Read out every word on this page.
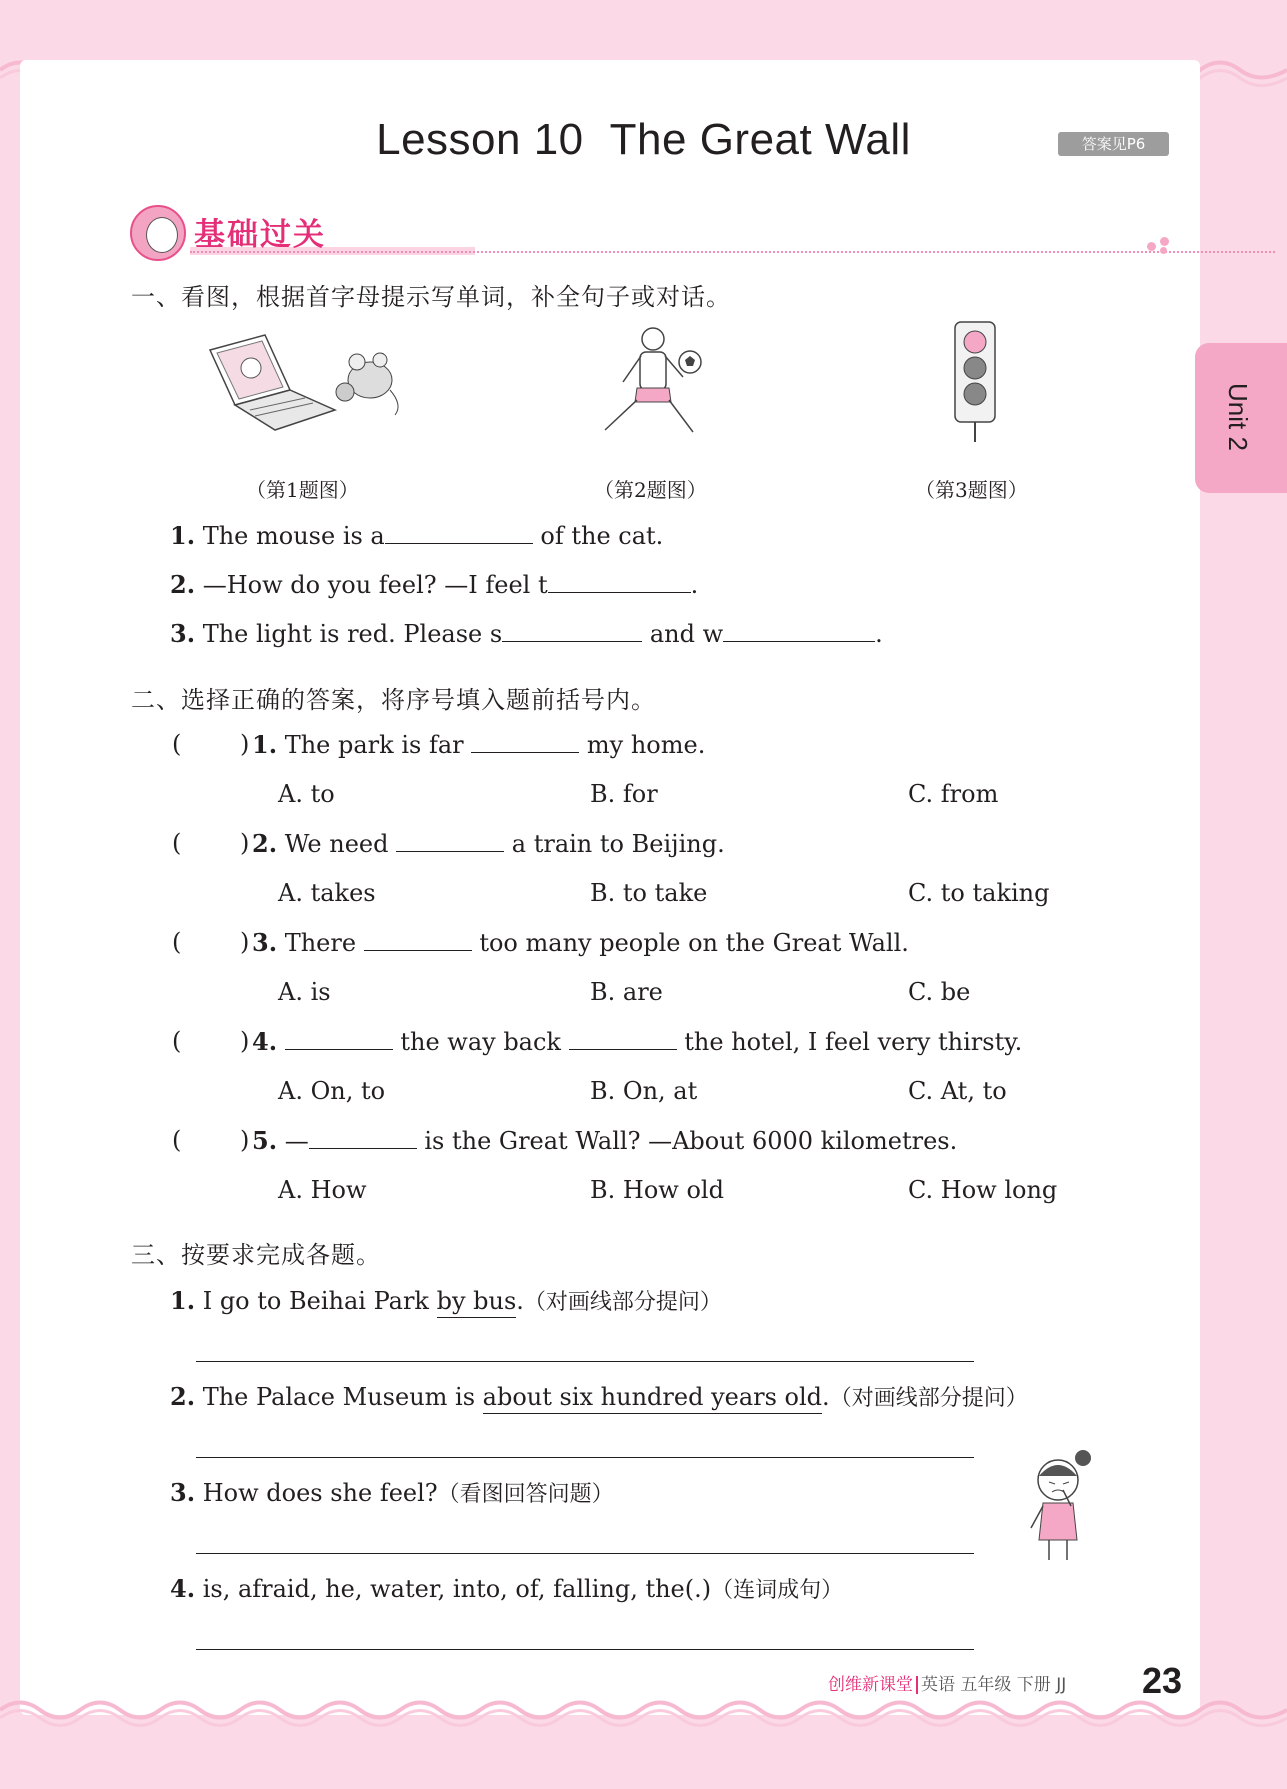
Lesson 10 The Great Wall	答案见P6
基础过关
Unit 2
一、看图，根据首字母提示写单词，补全句子或对话。
（第1题图）	（第2题图）	（第3题图）
1. The mouse is a	of the cat.
2. —How do you feel? —I feel t	.
3. The light is red. Please s	and w	.
二、选择正确的答案，将序号填入题前括号内。
( ) 1. The park is far	my home.
A. to	B. for	C. from
( ) 2. We need	a train to Beijing.
A. takes	B. to take	C. to taking
( ) 3. There	too many people on the Great Wall.
A. is	B. are	C. be
( ) 4.	the way back	the hotel, I feel very thirsty.
A. On, to	B. On, at	C. At, to
( ) 5. —	is the Great Wall? —About 6000 kilometres.
A. How	B. How old	C. How long
三、按要求完成各题。
1. I go to Beihai Park by bus.（对画线部分提问）
2. The Palace Museum is about six hundred years old.（对画线部分提问）
3. How does she feel?（看图回答问题）
4. is, afraid, he, water, into, of, falling, the(.)（连词成句）
创维新课堂 英语 五年级 下册 JJ 23
